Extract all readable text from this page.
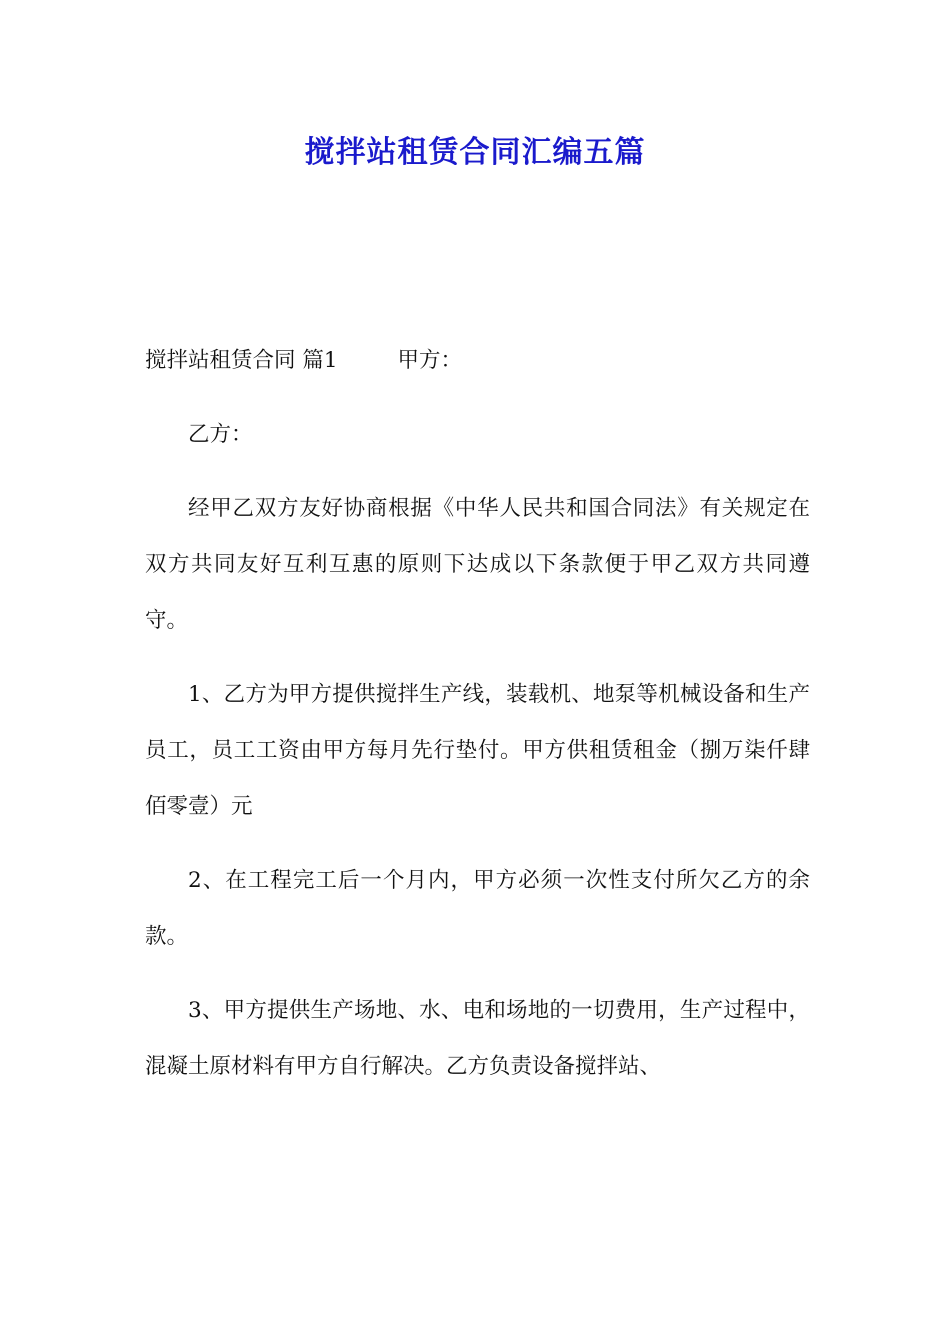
搅拌站租赁合同汇编五篇

搅拌站租赁合同 篇1	甲方：

乙方：

经甲乙双方友好协商根据《中华人民共和国合同法》有关规定在双方共同友好互利互惠的原则下达成以下条款便于甲乙双方共同遵守。

1、乙方为甲方提供搅拌生产线，装载机、地泵等机械设备和生产员工，员工工资由甲方每月先行垫付。甲方供租赁租金（捌万柒仟肆佰零壹）元

2、在工程完工后一个月内，甲方必须一次性支付所欠乙方的余款。

3、甲方提供生产场地、水、电和场地的一切费用，生产过程中，混凝土原材料有甲方自行解决。乙方负责设备搅拌站、
